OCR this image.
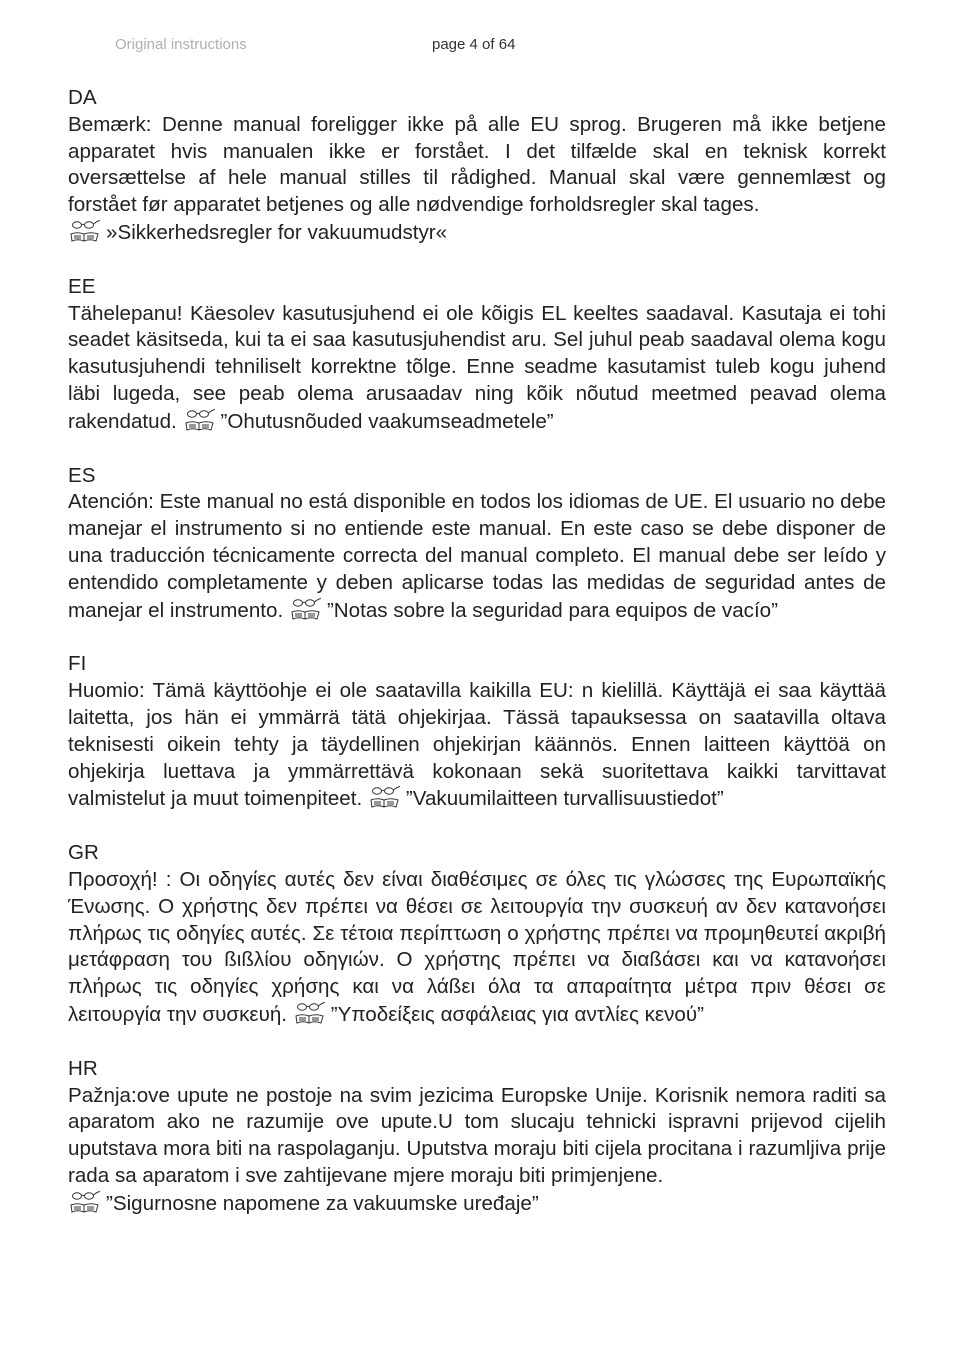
Original instructions	page 4 of 64
DA
Bemærk: Denne manual foreligger ikke på alle EU sprog. Brugeren må ikke betjene apparatet hvis manualen ikke er forstået. I det tilfælde skal en teknisk korrekt oversættelse af hele manual stilles til rådighed. Manual skal være gennemlæst og forstået før apparatet betjenes og alle nødvendige forholdsregler skal tages.

»Sikkerhedsregler for vakuumudstyr«
EE
Tähelepanu! Käesolev kasutusjuhend ei ole kõigis EL keeltes saadaval. Kasutaja ei tohi seadet käsitseda, kui ta ei saa kasutusjuhendist aru. Sel juhul peab saadaval olema kogu kasutusjuhendi tehniliselt korrektne tõlge. Enne seadme kasutamist tuleb kogu juhend läbi lugeda, see peab olema arusaadav ning kõik nõutud meetmed peavad olema rakendatud. ”Ohutusnõuded vaakumseadmetele”
ES
Atención: Este manual no está disponible en todos los idiomas de UE. El usuario no debe manejar el instrumento si no entiende este manual. En este caso se debe disponer de una traducción técnicamente correcta del manual completo. El manual debe ser leído y entendido completamente y deben aplicarse todas las medidas de seguridad antes de manejar el instrumento. ”Notas sobre la seguridad para equipos de vacío”
FI
Huomio: Tämä käyttöohje ei ole saatavilla kaikilla EU: n kielillä. Käyttäjä ei saa käyttää laitetta, jos hän ei ymmärrä tätä ohjekirjaa. Tässä tapauksessa on saatavilla oltava teknisesti oikein tehty ja täydellinen ohjekirjan käännös. Ennen laitteen käyttöä on ohjekirja luettava ja ymmärrettävä kokonaan sekä suoritettava kaikki tarvittavat valmistelut ja muut toimenpiteet. ”Vakuumilaitteen turvallisuustiedot”
GR
Προσοχή! : Οι οδηγίες αυτές δεν είναι διαθέσιμες σε όλες τις γλώσσες της Ευρωπαϊκής Ένωσης. Ο χρήστης δεν πρέπει να θέσει σε λειτουργία την συσκευή αν δεν κατανοήσει πλήρως τις οδηγίες αυτές. Σε τέτοια περίπτωση ο χρήστης πρέπει να προμηθευτεί ακριβή μετάφραση του ßιßλίου οδηγιών. Ο χρήστης πρέπει να διαßάσει και να κατανοήσει πλήρως τις οδηγίες χρήσης και να λάßει όλα τα απαραίτητα μέτρα πριν θέσει σε λειτουργία την συσκευή. ”Υποδείξεις ασφάλειας για αντλίες κενού”
HR
Pažnja:ove upute ne postoje na svim jezicima Europske Unije. Korisnik nemora raditi sa aparatom ako ne razumije ove upute.U tom slucaju tehnicki ispravni prijevod cijelih uputstava mora biti na raspolaganju. Uputstva moraju biti cijela procitana i razumljiva prije rada sa aparatom i sve zahtijevane mjere moraju biti primjenjene.

”Sigurnosne napomene za vakuumske uređaje”
